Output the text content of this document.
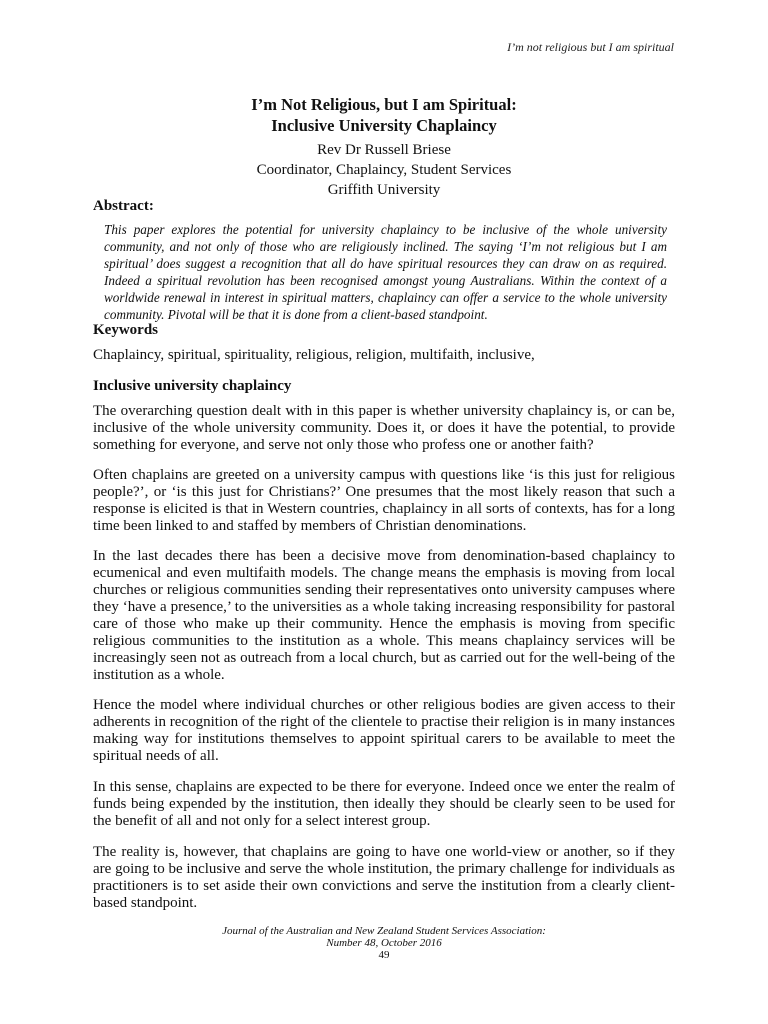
I’m not religious but I am spiritual

I’m Not Religious, but I am Spiritual:

Inclusive University Chaplaincy

Rev Dr Russell Briese

Coordinator, Chaplaincy, Student Services

Griffith University

Abstract:

This paper explores the potential for university chaplaincy to be inclusive of the whole university community, and not only of those who are religiously inclined. The saying ‘I’m not religious but I am spiritual’ does suggest a recognition that all do have spiritual resources they can draw on as required. Indeed a spiritual revolution has been recognised amongst young Australians. Within the context of a worldwide renewal in interest in spiritual matters, chaplaincy can offer a service to the whole university community. Pivotal will be that it is done from a client-based standpoint.

Keywords

Chaplaincy, spiritual, spirituality, religious, religion, multifaith, inclusive,

Inclusive university chaplaincy

The overarching question dealt with in this paper is whether university chaplaincy is, or can be, inclusive of the whole university community. Does it, or does it have the potential, to provide something for everyone, and serve not only those who profess one or another faith?

Often chaplains are greeted on a university campus with questions like ‘is this just for religious people?’, or ‘is this just for Christians?’ One presumes that the most likely reason that such a response is elicited is that in Western countries, chaplaincy in all sorts of contexts, has for a long time been linked to and staffed by members of Christian denominations.

In the last decades there has been a decisive move from denomination-based chaplaincy to ecumenical and even multifaith models. The change means the emphasis is moving from local churches or religious communities sending their representatives onto university campuses where they ‘have a presence,’ to the universities as a whole taking increasing responsibility for pastoral care of those who make up their community. Hence the emphasis is moving from specific religious communities to the institution as a whole. This means chaplaincy services will be increasingly seen not as outreach from a local church, but as carried out for the well-being of the institution as a whole.

Hence the model where individual churches or other religious bodies are given access to their adherents in recognition of the right of the clientele to practise their religion is in many instances making way for institutions themselves to appoint spiritual carers to be available to meet the spiritual needs of all.

In this sense, chaplains are expected to be there for everyone. Indeed once we enter the realm of funds being expended by the institution, then ideally they should be clearly seen to be used for the benefit of all and not only for a select interest group.

The reality is, however, that chaplains are going to have one world-view or another, so if they are going to be inclusive and serve the whole institution, the primary challenge for individuals as practitioners is to set aside their own convictions and serve the institution from a clearly client-based standpoint.

Journal of the Australian and New Zealand Student Services Association:
Number 48, October 2016
49
